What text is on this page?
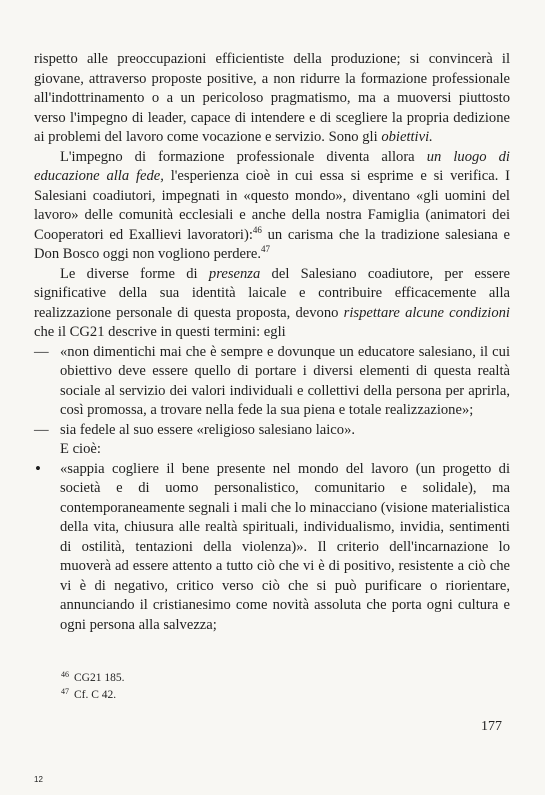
rispetto alle preoccupazioni efficientiste della produzione; si convincerà il giovane, attraverso proposte positive, a non ridurre la formazione professionale all'indottrinamento o a un pericoloso pragmatismo, ma a muoversi piuttosto verso l'impegno di leader, capace di intendere e di scegliere la propria dedizione ai problemi del lavoro come vocazione e servizio. Sono gli obiettivi.

L'impegno di formazione professionale diventa allora un luogo di educazione alla fede, l'esperienza cioè in cui essa si esprime e si verifica. I Salesiani coadiutori, impegnati in «questo mondo», diventano «gli uomini del lavoro» delle comunità ecclesiali e anche della nostra Famiglia (animatori dei Cooperatori ed Exallievi lavoratori):$^{46}$ un carisma che la tradizione salesiana e Don Bosco oggi non vogliono perdere.$^{47}$

Le diverse forme di presenza del Salesiano coadiutore, per essere significative della sua identità laicale e contribuire efficacemente alla realizzazione personale di questa proposta, devono rispettare alcune condizioni che il CG21 descrive in questi termini: egli

— «non dimentichi mai che è sempre e dovunque un educatore salesiano, il cui obiettivo deve essere quello di portare i diversi elementi di questa realtà sociale al servizio dei valori individuali e collettivi della persona per aprirla, così promossa, a trovare nella fede la sua piena e totale realizzazione»;
— sia fedele al suo essere «religioso salesiano laico».

E cioè:

• «sappia cogliere il bene presente nel mondo del lavoro (un progetto di società e di uomo personalistico, comunitario e solidale), ma contemporaneamente segnali i mali che lo minacciano (visione materialistica della vita, chiusura alle realtà spirituali, individualismo, invidia, sentimenti di ostilità, tentazioni della violenza)». Il criterio dell'incarnazione lo muoverà ad essere attento a tutto ciò che vi è di positivo, resistente a ciò che vi è di negativo, critico verso ciò che si può purificare o riorientare, annunciando il cristianesimo come novità assoluta che porta ogni cultura e ogni persona alla salvezza;
$^{46}$ CG21 185.
$^{47}$ Cf. C 42.
177
12
